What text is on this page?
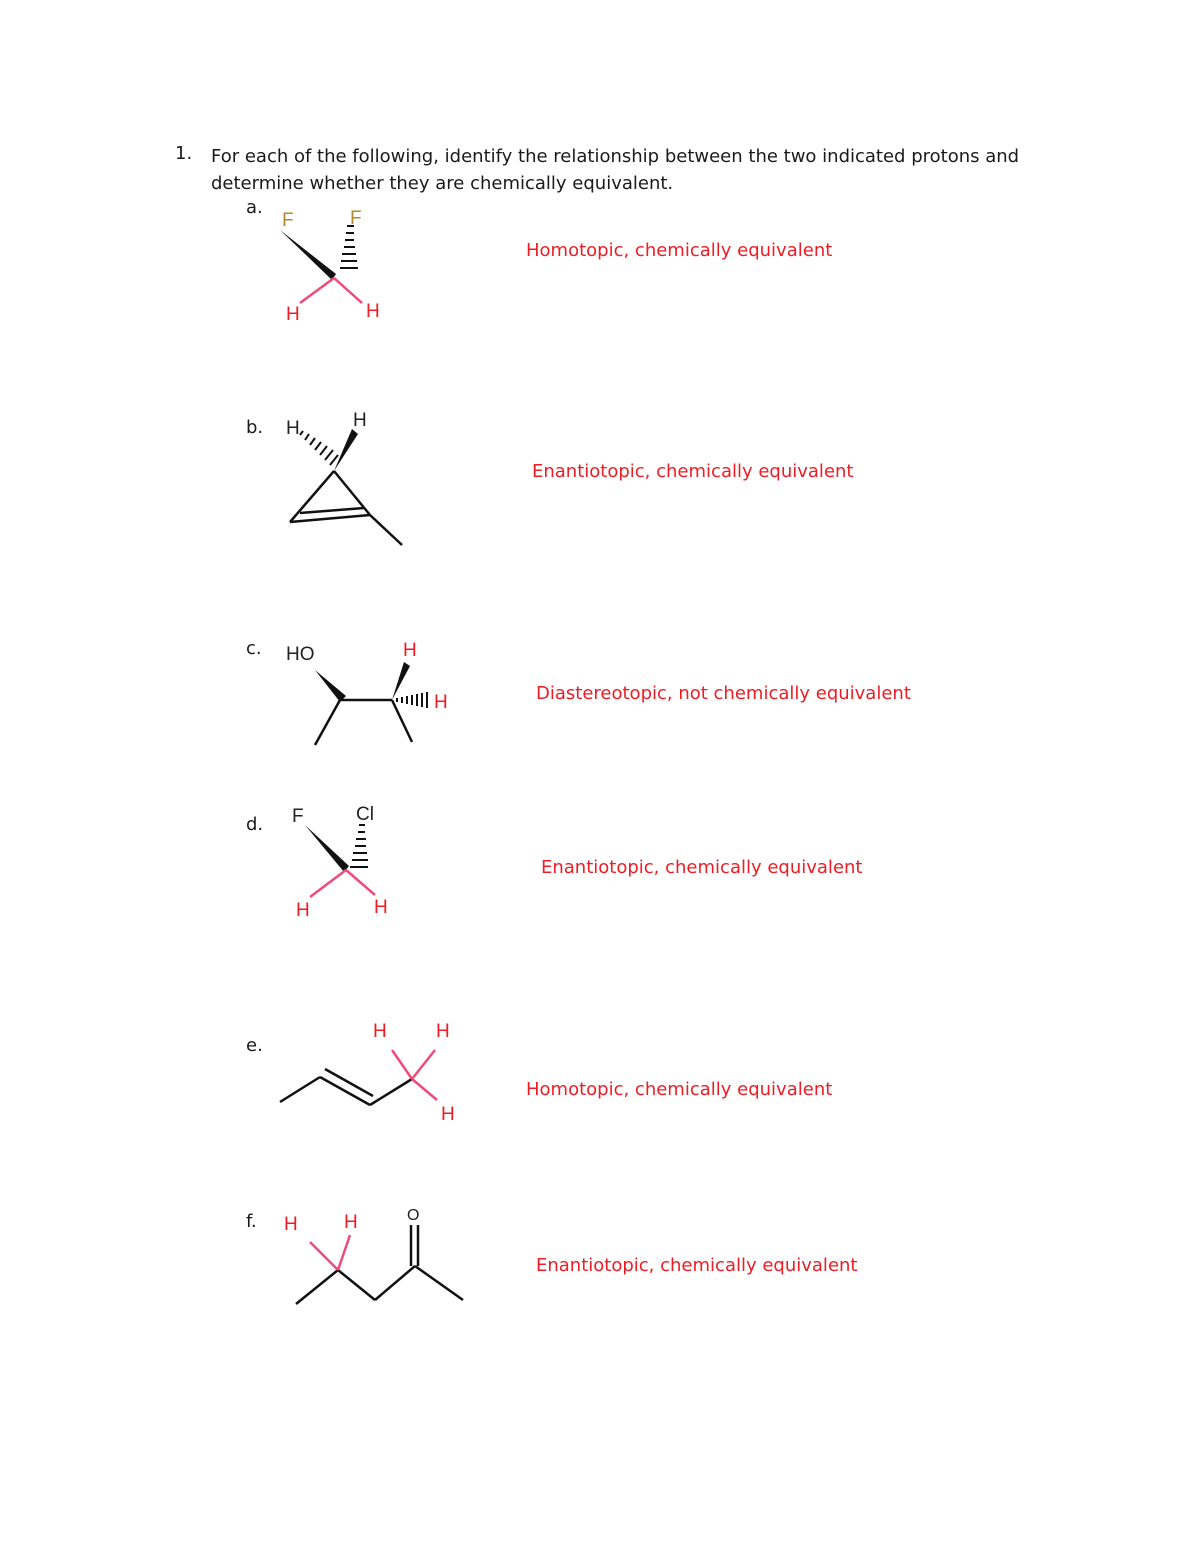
1. For each of the following, identify the relationship between the two indicated protons and determine whether they are chemically equivalent.
a.
F	F
H	H
Homotopic, chemically equivalent
b. H	H
Enantiotopic, chemically equivalent
c. HO	H
H	Diastereotopic, not chemically equivalent
d. F	Cl
H	H
Enantiotopic, chemically equivalent
e.
H	H
H
Homotopic, chemically equivalent
f. H H	O
Enantiotopic, chemically equivalent
